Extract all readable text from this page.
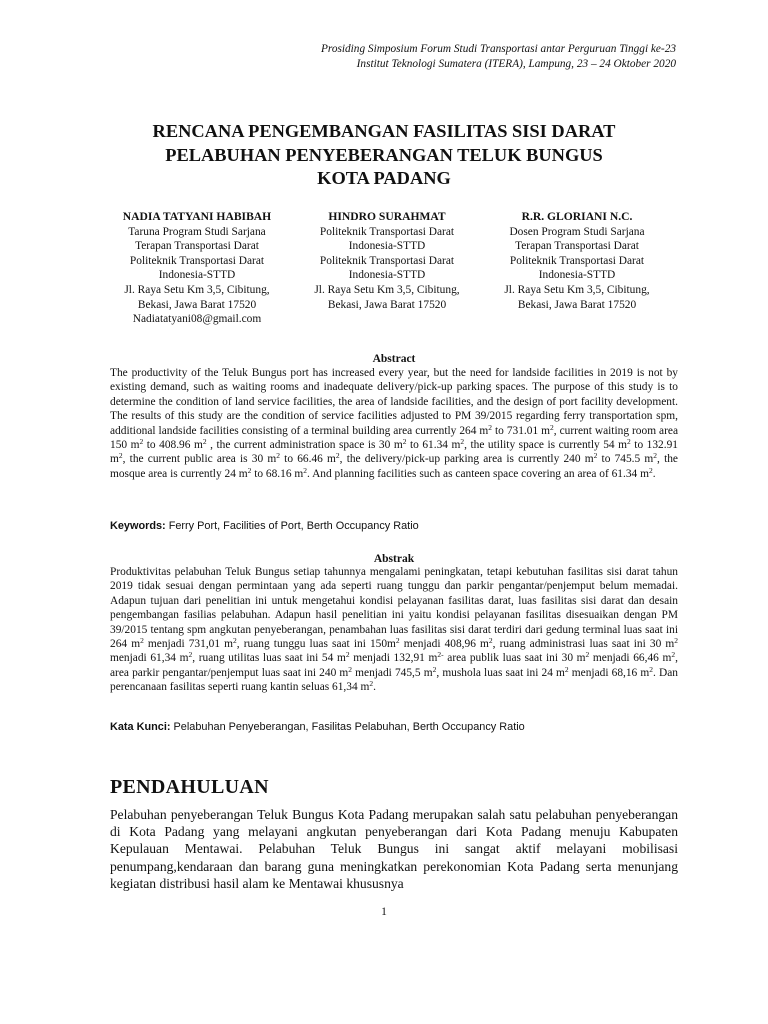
Prosiding Simposium Forum Studi Transportasi antar Perguruan Tinggi ke-23
Institut Teknologi Sumatera (ITERA), Lampung, 23 – 24 Oktober 2020
RENCANA PENGEMBANGAN FASILITAS SISI DARAT
PELABUHAN PENYEBERANGAN TELUK BUNGUS
KOTA PADANG
NADIA TATYANI HABIBAH
Taruna Program Studi Sarjana
Terapan Transportasi Darat
Politeknik Transportasi Darat
Indonesia-STTD
Jl. Raya Setu Km 3,5, Cibitung,
Bekasi, Jawa Barat 17520
Nadiatatyani08@gmail.com
HINDRO SURAHMAT
Politeknik Transportasi Darat
Indonesia-STTD
Politeknik Transportasi Darat
Indonesia-STTD
Jl. Raya Setu Km 3,5, Cibitung,
Bekasi, Jawa Barat 17520
R.R. GLORIANI N.C.
Dosen Program Studi Sarjana
Terapan Transportasi Darat
Politeknik Transportasi Darat
Indonesia-STTD
Jl. Raya Setu Km 3,5, Cibitung,
Bekasi, Jawa Barat 17520
Abstract
The productivity of the Teluk Bungus port has increased every year, but the need for landside facilities in 2019 is not by existing demand, such as waiting rooms and inadequate delivery/pick-up parking spaces. The purpose of this study is to determine the condition of land service facilities, the area of landside facilities, and the design of port facility development. The results of this study are the condition of service facilities adjusted to PM 39/2015 regarding ferry transportation spm, additional landside facilities consisting of a terminal building area currently 264 $m^2$ to 731.01 $m^2$, current waiting room area 150 $m^2$ to 408.96 $m^2$ , the current administration space is 30 $m^2$ to 61.34 $m^2$, the utility space is currently 54 $m^2$ to 132.91 $m^2$, the current public area is 30 $m^2$ to 66.46 $m^2$, the delivery/pick-up parking area is currently 240 $m^2$ to 745.5 $m^2$, the mosque area is currently 24 $m^2$ to 68.16 $m^2$. And planning facilities such as canteen space covering an area of 61.34 $m^2$.
Keywords: Ferry Port, Facilities of Port, Berth Occupancy Ratio
Abstrak
Produktivitas pelabuhan Teluk Bungus setiap tahunnya mengalami peningkatan, tetapi kebutuhan fasilitas sisi darat tahun 2019 tidak sesuai dengan permintaan yang ada seperti ruang tunggu dan parkir pengantar/penjemput belum memadai. Adapun tujuan dari penelitian ini untuk mengetahui kondisi pelayanan fasilitas darat, luas fasilitas sisi darat dan desain pengembangan fasilias pelabuhan. Adapun hasil penelitian ini yaitu kondisi pelayanan fasilitas disesuaikan dengan PM 39/2015 tentang spm angkutan penyeberangan, penambahan luas fasilitas sisi darat terdiri dari gedung terminal luas saat ini 264 $m^2$ menjadi 731,01 $m^2$, ruang tunggu luas saat ini $150m^2$ menjadi 408,96 $m^2$, ruang administrasi luas saat ini 30 $m^2$ menjadi 61,34 $m^2$, ruang utilitas luas saat ini 54 $m^2$ menjadi 132,91 $m^{2-}$ area publik luas saat ini 30 $m^2$ menjadi 66,46 $m^2$, area parkir pengantar/penjemput luas saat ini 240 $m^2$ menjadi 745,5 $m^2$, mushola luas saat ini 24 $m^2$ menjadi 68,16 $m^2$. Dan perencanaan fasilitas seperti ruang kantin seluas 61,34 $m^2$.
Kata Kunci: Pelabuhan Penyeberangan, Fasilitas Pelabuhan, Berth Occupancy Ratio
PENDAHULUAN
Pelabuhan penyeberangan Teluk Bungus Kota Padang merupakan salah satu pelabuhan penyeberangan di Kota Padang yang melayani angkutan penyeberangan dari Kota Padang menuju Kabupaten Kepulauan Mentawai. Pelabuhan Teluk Bungus ini sangat aktif melayani mobilisasi penumpang,kendaraan dan barang guna meningkatkan perekonomian Kota Padang serta menunjang kegiatan distribusi hasil alam ke Mentawai khususnya
1
